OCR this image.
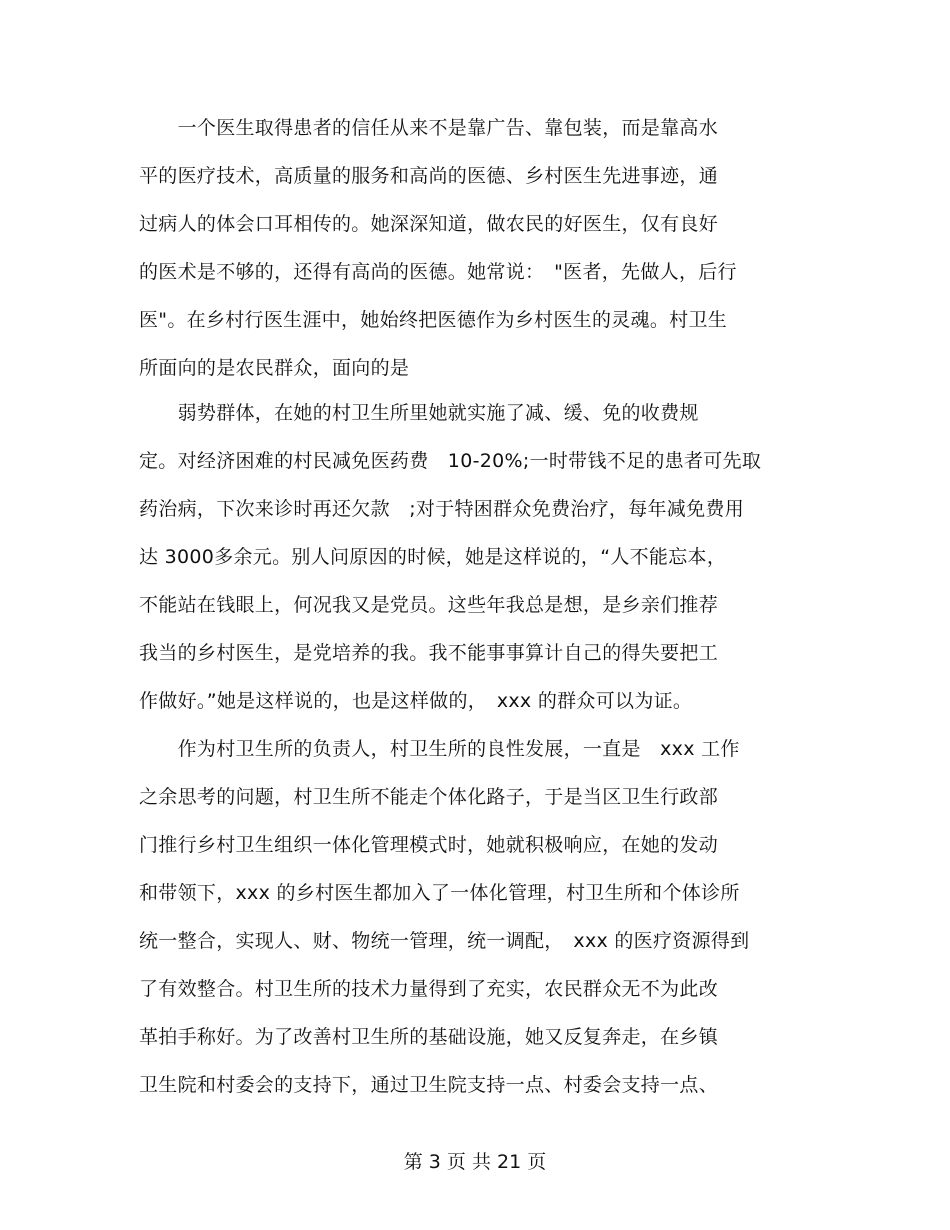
　　一个医生取得患者的信任从来不是靠广告、靠包装，而是靠高水
平的医疗技术，高质量的服务和高尚的医德、乡村医生先进事迹，通
过病人的体会口耳相传的。她深深知道，做农民的好医生，仅有良好
的医术是不够的，还得有高尚的医德。她常说：　"医者，先做人，后行
医"。在乡村行医生涯中，她始终把医德作为乡村医生的灵魂。村卫生
所面向的是农民群众，面向的是
　　弱势群体，在她的村卫生所里她就实施了减、缓、免的收费规
定。对经济困难的村民减免医药费　10-20%;一时带钱不足的患者可先取
药治病，下次来诊时再还欠款　;对于特困群众免费治疗，每年减免费用
达 3000多余元。别人问原因的时候，她是这样说的，“人不能忘本，
不能站在钱眼上，何况我又是党员。这些年我总是想，是乡亲们推荐
我当的乡村医生，是党培养的我。我不能事事算计自己的得失要把工
作做好。”她是这样说的，也是这样做的，　xxx 的群众可以为证。
　　作为村卫生所的负责人，村卫生所的良性发展，一直是　xxx 工作
之余思考的问题，村卫生所不能走个体化路子，于是当区卫生行政部
门推行乡村卫生组织一体化管理模式时，她就积极响应，在她的发动
和带领下，xxx 的乡村医生都加入了一体化管理，村卫生所和个体诊所
统一整合，实现人、财、物统一管理，统一调配，　xxx 的医疗资源得到
了有效整合。村卫生所的技术力量得到了充实，农民群众无不为此改
革拍手称好。为了改善村卫生所的基础设施，她又反复奔走，在乡镇
卫生院和村委会的支持下，通过卫生院支持一点、村委会支持一点、
第 3 页 共 21 页
